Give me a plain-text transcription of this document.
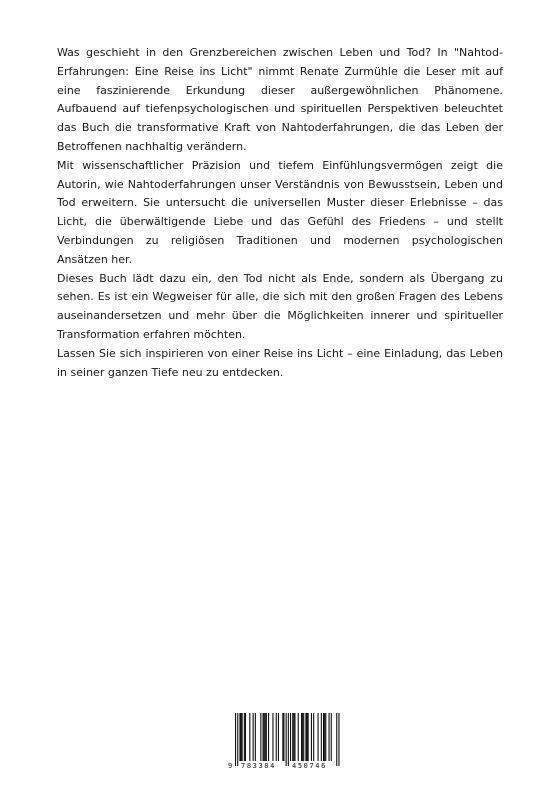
Was geschieht in den Grenzbereichen zwischen Leben und Tod? In "Nahtod-Erfahrungen: Eine Reise ins Licht" nimmt Renate Zurmühle die Leser mit auf eine faszinierende Erkundung dieser außergewöhnlichen Phänomene. Aufbauend auf tiefenpsychologischen und spirituellen Perspektiven beleuchtet das Buch die transformative Kraft von Nahtoderfahrungen, die das Leben der Betroffenen nachhaltig verändern.

Mit wissenschaftlicher Präzision und tiefem Einfühlungsvermögen zeigt die Autorin, wie Nahtoderfahrungen unser Verständnis von Bewusstsein, Leben und Tod erweitern. Sie untersucht die universellen Muster dieser Erlebnisse – das Licht, die überwältigende Liebe und das Gefühl des Friedens – und stellt Verbindungen zu religiösen Traditionen und modernen psychologischen Ansätzen her.

Dieses Buch lädt dazu ein, den Tod nicht als Ende, sondern als Übergang zu sehen. Es ist ein Wegweiser für alle, die sich mit den großen Fragen des Lebens auseinandersetzen und mehr über die Möglichkeiten innerer und spiritueller Transformation erfahren möchten.

Lassen Sie sich inspirieren von einer Reise ins Licht – eine Einladung, das Leben in seiner ganzen Tiefe neu zu entdecken.

9 783384 450746
